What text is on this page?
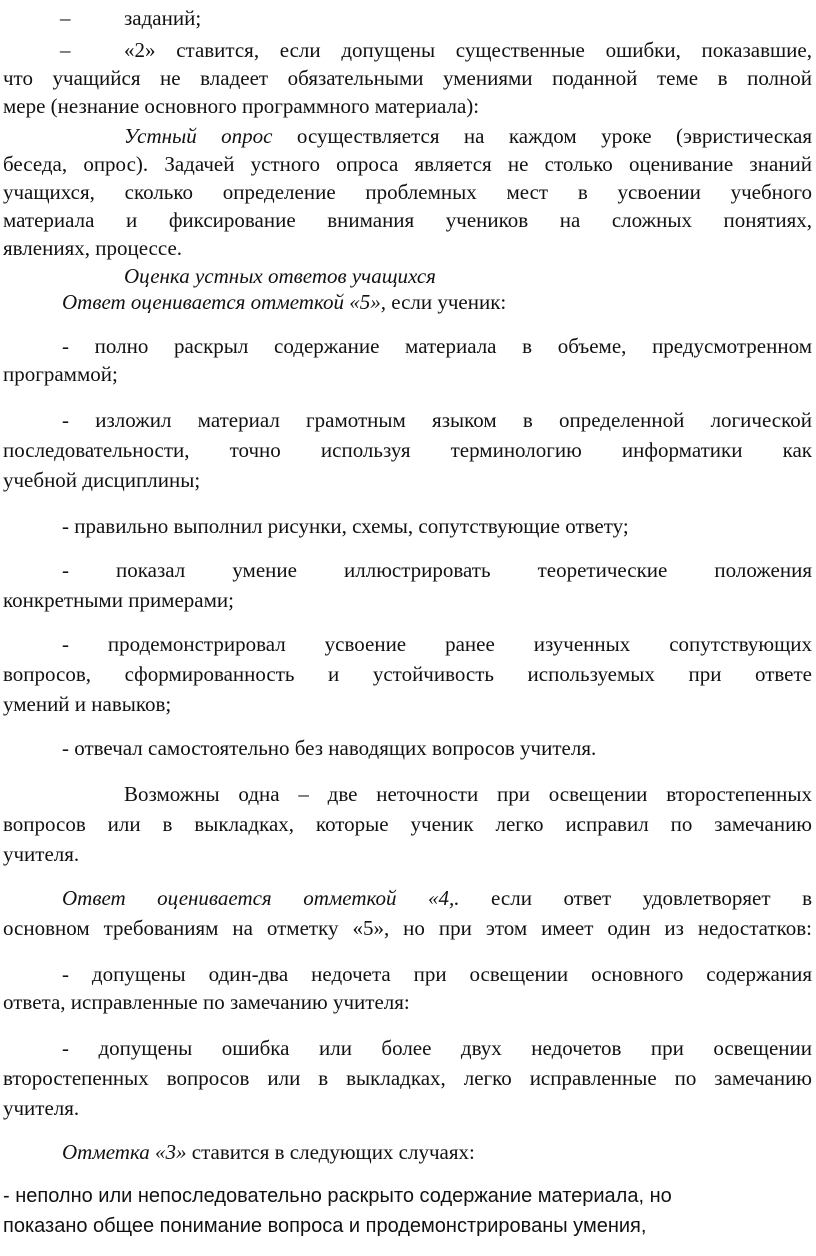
–	заданий;
–	«2» ставится, если допущены существенные ошибки, показавшие,
что учащийся не владеет обязательными умениями поданной теме в полной
мере (незнание основного программного материала):
Устный опрос осуществляется на каждом уроке (эвристическая
беседа, опрос). Задачей устного опроса является не столько оценивание знаний
учащихся, сколько определение проблемных мест в усвоении учебного
материала и фиксирование внимания учеников на сложных понятиях,
явлениях, процессе.
Оценка устных ответов учащихся
Ответ оценивается отметкой «5», если ученик:
- полно раскрыл содержание материала в объеме, предусмотренном
программой;
- изложил материал грамотным языком в определенной логической
последовательности, точно используя терминологию информатики как
учебной дисциплины;
- правильно выполнил рисунки, схемы, сопутствующие ответу;
- показал умение иллюстрировать теоретические положения
конкретными примерами;
- продемонстрировал усвоение ранее изученных сопутствующих
вопросов, сформированность и устойчивость используемых при ответе
умений и навыков;
- отвечал самостоятельно без наводящих вопросов учителя.
Возможны одна – две неточности при освещении второстепенных
вопросов или в выкладках, которые ученик легко исправил по замечанию
учителя.
Ответ оценивается отметкой «4,. если ответ удовлетворяет в
основном требованиям на отметку «5», но при этом имеет один из недостатков:
- допущены один-два недочета при освещении основного содержания
ответа, исправленные по замечанию учителя:
- допущены ошибка или более двух недочетов при освещении
второстепенных вопросов или в выкладках, легко исправленные по замечанию
учителя.
Отметка «3» ставится в следующих случаях:
- неполно или непоследовательно раскрыто содержание материала, но
показано общее понимание вопроса и продемонстрированы умения,
